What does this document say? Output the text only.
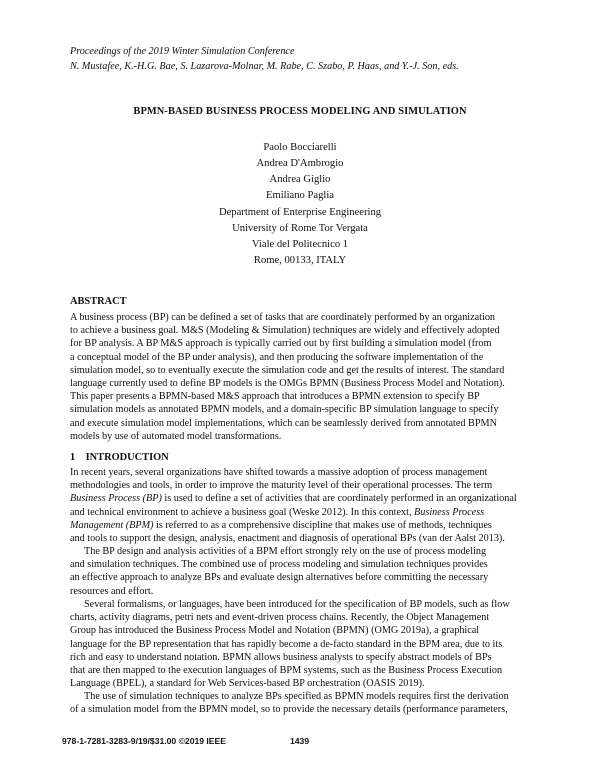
Proceedings of the 2019 Winter Simulation Conference
N. Mustafee, K.-H.G. Bae, S. Lazarova-Molnar, M. Rabe, C. Szabo, P. Haas, and Y.-J. Son, eds.
BPMN-BASED BUSINESS PROCESS MODELING AND SIMULATION
Paolo Bocciarelli
Andrea D'Ambrogio
Andrea Giglio
Emiliano Paglia
Department of Enterprise Engineering
University of Rome Tor Vergata
Viale del Politecnico 1
Rome, 00133, ITALY
ABSTRACT
A business process (BP) can be defined a set of tasks that are coordinately performed by an organization
to achieve a business goal. M&S (Modeling & Simulation) techniques are widely and effectively adopted
for BP analysis. A BP M&S approach is typically carried out by first building a simulation model (from
a conceptual model of the BP under analysis), and then producing the software implementation of the
simulation model, so to eventually execute the simulation code and get the results of interest. The standard
language currently used to define BP models is the OMGs BPMN (Business Process Model and Notation).
This paper presents a BPMN-based M&S approach that introduces a BPMN extension to specify BP
simulation models as annotated BPMN models, and a domain-specific BP simulation language to specify
and execute simulation model implementations, which can be seamlessly derived from annotated BPMN
models by use of automated model transformations.
1 INTRODUCTION
In recent years, several organizations have shifted towards a massive adoption of process management
methodologies and tools, in order to improve the maturity level of their operational processes. The term
Business Process (BP) is used to define a set of activities that are coordinately performed in an organizational
and technical environment to achieve a business goal (Weske 2012). In this context, Business Process
Management (BPM) is referred to as a comprehensive discipline that makes use of methods, techniques
and tools to support the design, analysis, enactment and diagnosis of operational BPs (van der Aalst 2013).
The BP design and analysis activities of a BPM effort strongly rely on the use of process modeling
and simulation techniques. The combined use of process modeling and simulation techniques provides
an effective approach to analyze BPs and evaluate design alternatives before committing the necessary
resources and effort.
Several formalisms, or languages, have been introduced for the specification of BP models, such as flow
charts, activity diagrams, petri nets and event-driven process chains. Recently, the Object Management
Group has introduced the Business Process Model and Notation (BPMN) (OMG 2019a), a graphical
language for the BP representation that has rapidly become a de-facto standard in the BPM area, due to its
rich and easy to understand notation. BPMN allows business analysts to specify abstract models of BPs
that are then mapped to the execution languages of BPM systems, such as the Business Process Execution
Language (BPEL), a standard for Web Services-based BP orchestration (OASIS 2019).
The use of simulation techniques to analyze BPs specified as BPMN models requires first the derivation
of a simulation model from the BPMN model, so to provide the necessary details (performance parameters,
978-1-7281-3283-9/19/$31.00 ©2019 IEEE	1439
